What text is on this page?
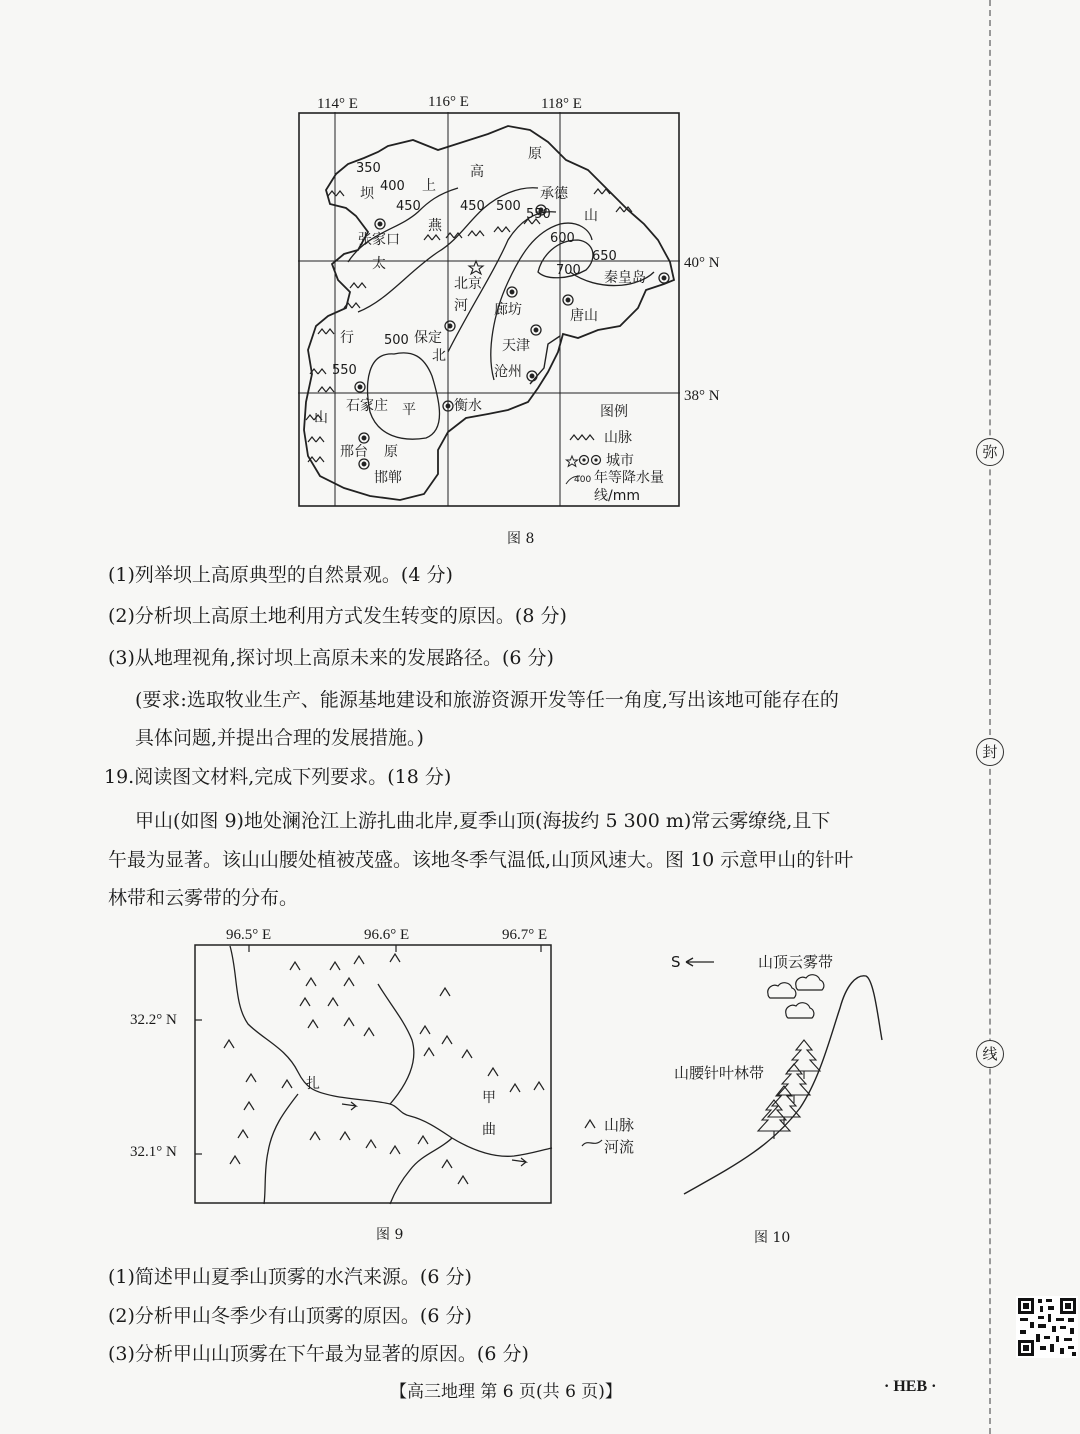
弥
封
线
114° E	116° E	118° E
40° N
38° N
坝	上
高
原
燕
山
太
行
山
北
平
原
河
350
400
450	450 500
550
600
650
700
500
550
张家口
承德
北京	秦皇岛
廊坊	唐山
天津
保定
沧州
石家庄	衡水
邢台
邯郸
图例
山脉
城市
400 年等降水量
线/mm
图 8
(1)列举坝上高原典型的自然景观。(4 分)
(2)分析坝上高原土地利用方式发生转变的原因。(8 分)
(3)从地理视角,探讨坝上高原未来的发展路径。(6 分)
(要求:选取牧业生产、能源基地建设和旅游资源开发等任一角度,写出该地可能存在的
具体问题,并提出合理的发展措施。)
19.阅读图文材料,完成下列要求。(18 分)
甲山(如图 9)地处澜沧江上游扎曲北岸,夏季山顶(海拔约 5 300 m)常云雾缭绕,且下
午最为显著。该山山腰处植被茂盛。该地冬季气温低,山顶风速大。图 10 示意甲山的针叶
林带和云雾带的分布。
96.5° E	96.6° E	96.7° E
32.2° N
32.1° N
扎
甲
曲	山脉
河流
图 9
S	山顶云雾带
山腰针叶林带
图 10
(1)简述甲山夏季山顶雾的水汽来源。(6 分)
(2)分析甲山冬季少有山顶雾的原因。(6 分)
(3)分析甲山山顶雾在下午最为显著的原因。(6 分)
【高三地理 第 6 页(共 6 页)】	· HEB ·
